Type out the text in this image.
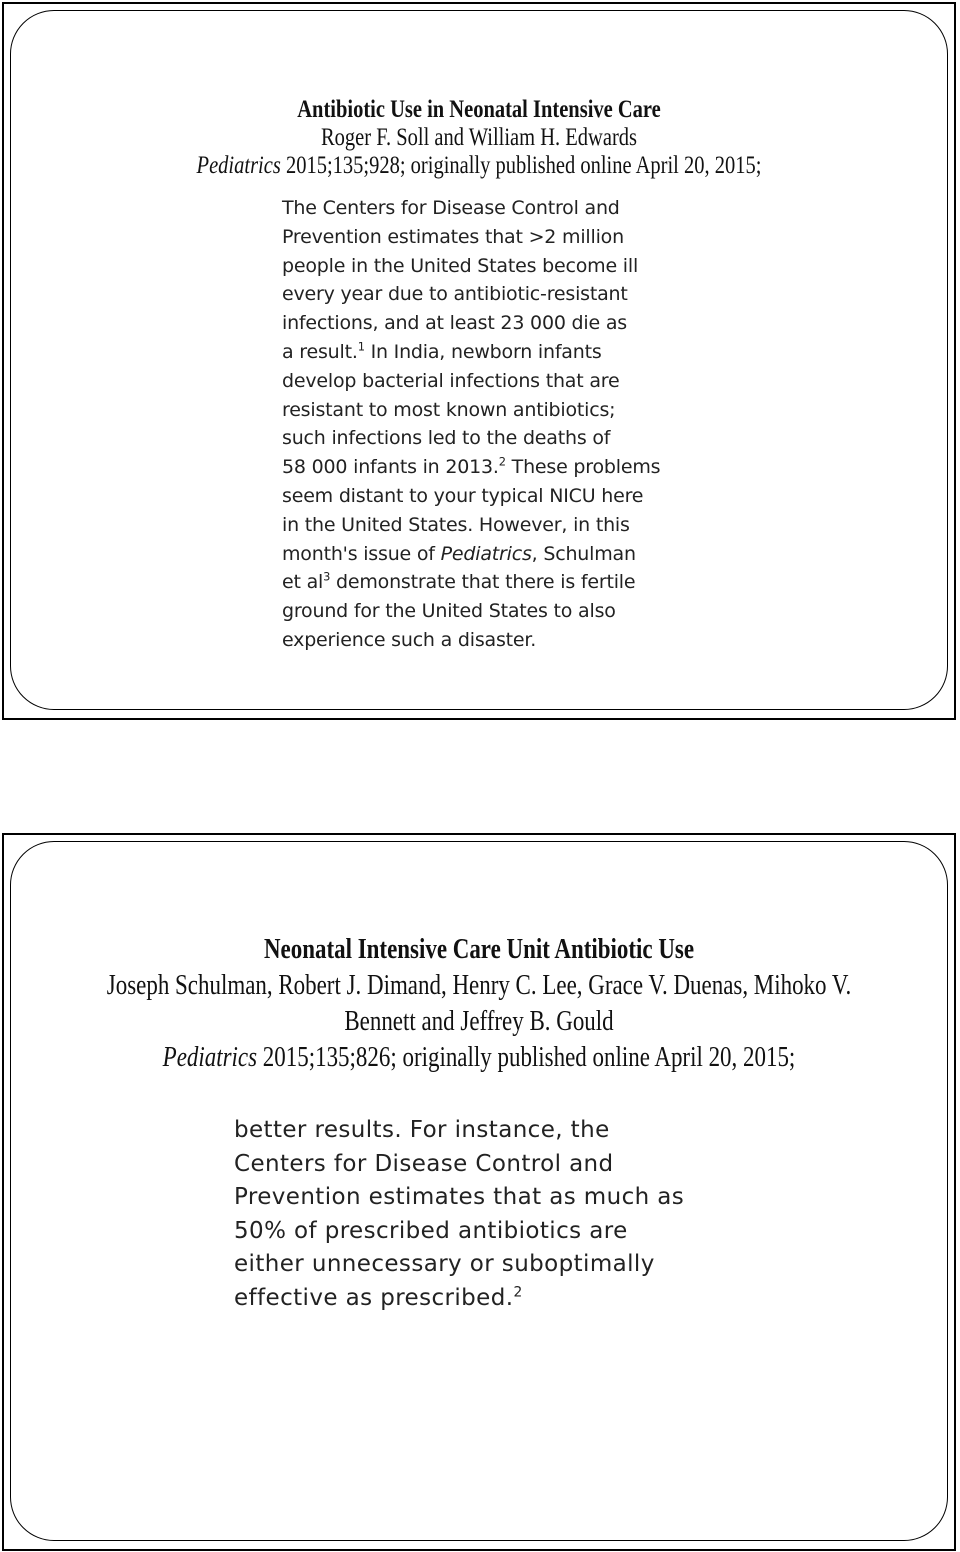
Antibiotic Use in Neonatal Intensive Care

Roger F. Soll and William H. Edwards

Pediatrics 2015;135;928; originally published online April 20, 2015;

The Centers for Disease Control and
Prevention estimates that >2 million
people in the United States become ill
every year due to antibiotic-resistant
infections, and at least 23 000 die as
a result.$^1$ In India, newborn infants
develop bacterial infections that are
resistant to most known antibiotics;
such infections led to the deaths of
58 000 infants in 2013.$^2$ These problems
seem distant to your typical NICU here
in the United States. However, in this
month's issue of Pediatrics, Schulman
et $al^3$ demonstrate that there is fertile
ground for the United States to also
experience such a disaster.

Neonatal Intensive Care Unit Antibiotic Use

Joseph Schulman, Robert J. Dimand, Henry C. Lee, Grace V. Duenas, Mihoko V.

Bennett and Jeffrey B. Gould

Pediatrics 2015;135;826; originally published online April 20, 2015;

better results. For instance, the
Centers for Disease Control and
Prevention estimates that as much as
50% of prescribed antibiotics are
either unnecessary or suboptimally
effective as prescribed.$^2$
